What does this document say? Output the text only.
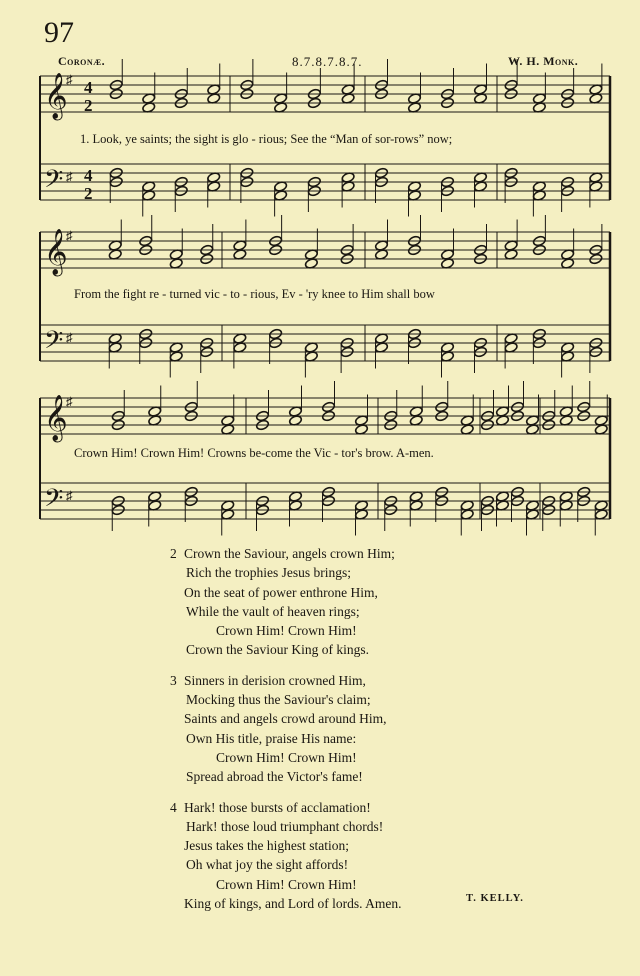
97
Coronæ.	8.7.8.7.8.7.	W. H. Monk.
𝄞
♯
𝄢 ♯
𝄞
♯
𝄢 ♯
𝄞
♯
𝄢 ♯
4
2
4
2
1. Look, ye saints; the sight is glo - rious; See the “Man of sor-rows” now;
From the fight re - turned vic - to - rious, Ev - 'ry knee to Him shall bow
Crown Him! Crown Him! Crowns be-come the Vic - tor's brow. A-men.
2 Crown the Saviour, angels crown Him;
Rich the trophies Jesus brings;
On the seat of power enthrone Him,
While the vault of heaven rings;
Crown Him! Crown Him!
Crown the Saviour King of kings.
3 Sinners in derision crowned Him,
Mocking thus the Saviour's claim;
Saints and angels crowd around Him,
Own His title, praise His name:
Crown Him! Crown Him!
Spread abroad the Victor's fame!
4 Hark! those bursts of acclamation!
Hark! those loud triumphant chords!
Jesus takes the highest station;
Oh what joy the sight affords!
Crown Him! Crown Him!
King of kings, and Lord of lords. Amen.	T. KELLY.
